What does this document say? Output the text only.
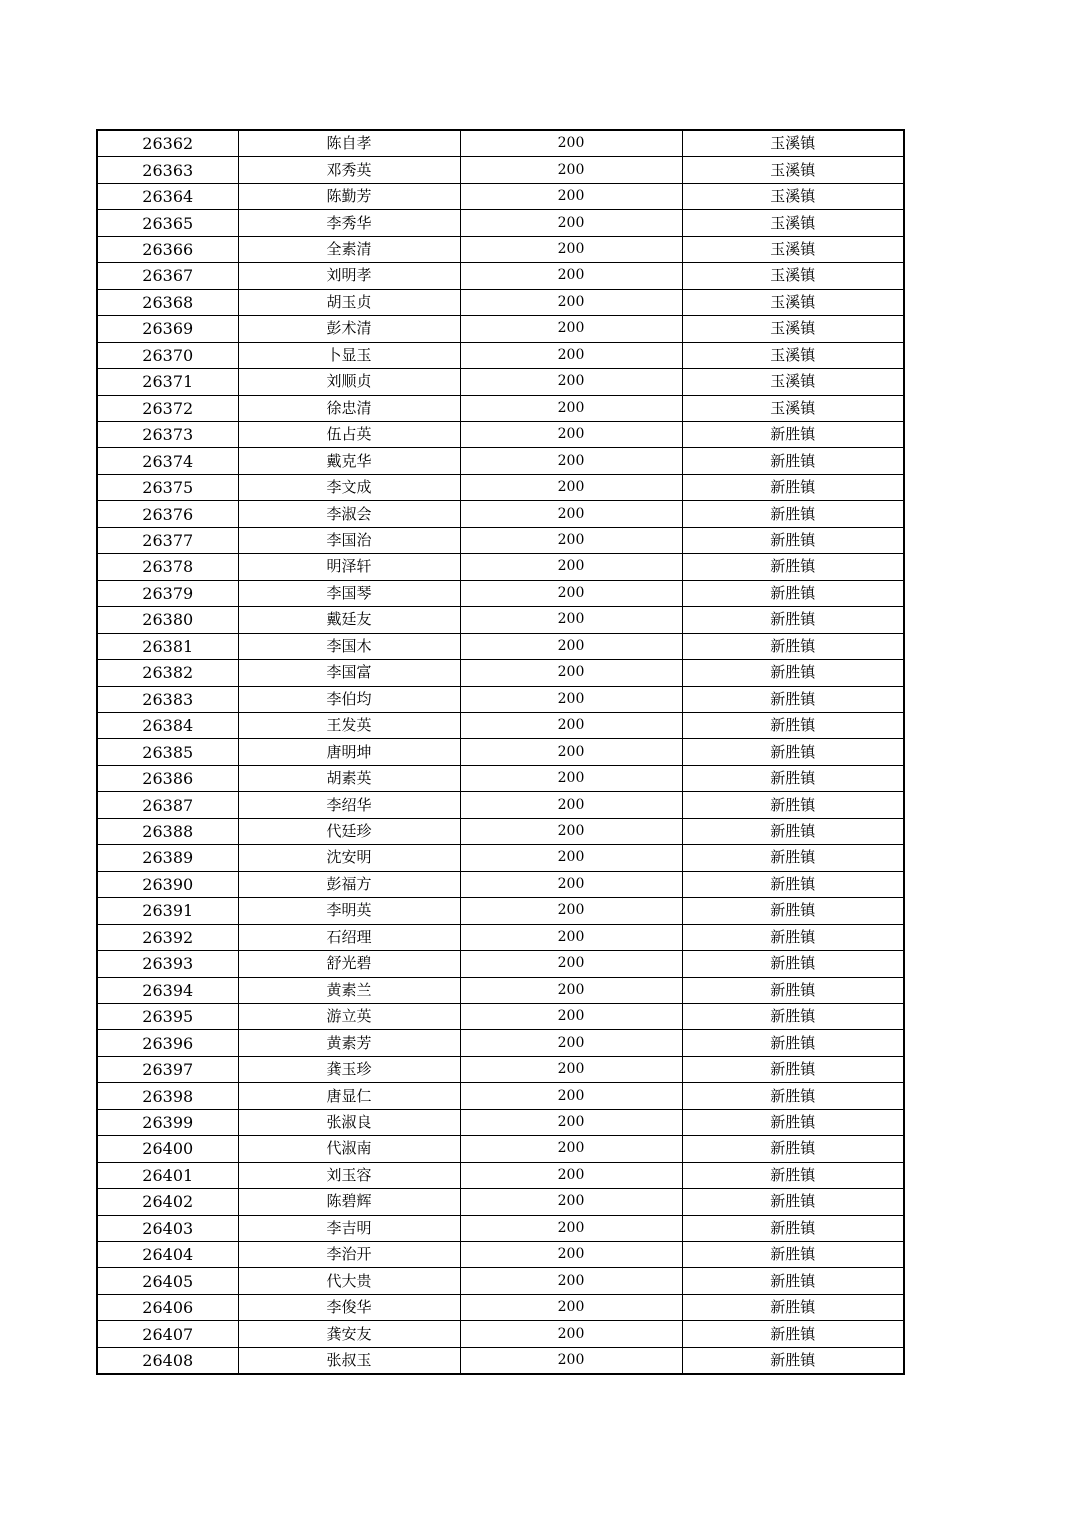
26362	陈自孝	200	玉溪镇
26363	邓秀英	200	玉溪镇
26364	陈勤芳	200	玉溪镇
26365	李秀华	200	玉溪镇
26366	全素清	200	玉溪镇
26367	刘明孝	200	玉溪镇
26368	胡玉贞	200	玉溪镇
26369	彭术清	200	玉溪镇
26370	卜显玉	200	玉溪镇
26371	刘顺贞	200	玉溪镇
26372	徐忠清	200	玉溪镇
26373	伍占英	200	新胜镇
26374	戴克华	200	新胜镇
26375	李文成	200	新胜镇
26376	李淑会	200	新胜镇
26377	李国治	200	新胜镇
26378	明泽轩	200	新胜镇
26379	李国琴	200	新胜镇
26380	戴廷友	200	新胜镇
26381	李国木	200	新胜镇
26382	李国富	200	新胜镇
26383	李伯均	200	新胜镇
26384	王发英	200	新胜镇
26385	唐明坤	200	新胜镇
26386	胡素英	200	新胜镇
26387	李绍华	200	新胜镇
26388	代廷珍	200	新胜镇
26389	沈安明	200	新胜镇
26390	彭福方	200	新胜镇
26391	李明英	200	新胜镇
26392	石绍理	200	新胜镇
26393	舒光碧	200	新胜镇
26394	黄素兰	200	新胜镇
26395	游立英	200	新胜镇
26396	黄素芳	200	新胜镇
26397	龚玉珍	200	新胜镇
26398	唐显仁	200	新胜镇
26399	张淑良	200	新胜镇
26400	代淑南	200	新胜镇
26401	刘玉容	200	新胜镇
26402	陈碧辉	200	新胜镇
26403	李吉明	200	新胜镇
26404	李治开	200	新胜镇
26405	代大贵	200	新胜镇
26406	李俊华	200	新胜镇
26407	龚安友	200	新胜镇
26408	张叔玉	200	新胜镇
